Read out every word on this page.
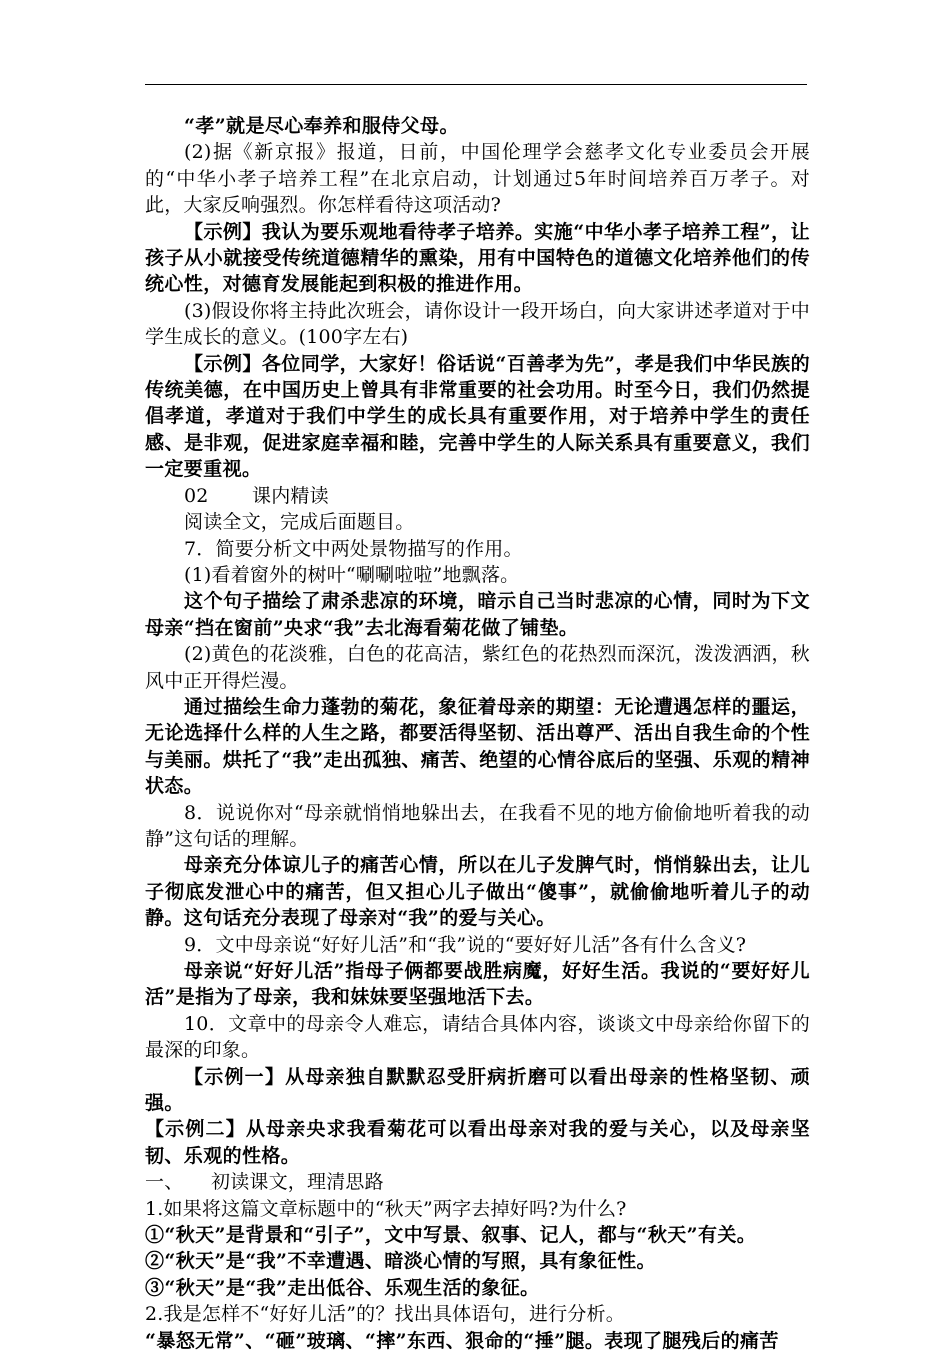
“孝”就是尽心奉养和服侍父母。

(2)据《新京报》报道，日前，中国伦理学会慈孝文化专业委员会开展的“中华小孝子培养工程”在北京启动，计划通过5年时间培养百万孝子。对此，大家反响强烈。你怎样看待这项活动?

【示例】我认为要乐观地看待孝子培养。实施“中华小孝子培养工程”，让孩子从小就接受传统道德精华的熏染，用有中国特色的道德文化培养他们的传统心性，对德育发展能起到积极的推进作用。

(3)假设你将主持此次班会，请你设计一段开场白，向大家讲述孝道对于中学生成长的意义。(100字左右)

【示例】各位同学，大家好！俗话说“百善孝为先”，孝是我们中华民族的传统美德，在中国历史上曾具有非常重要的社会功用。时至今日，我们仍然提倡孝道，孝道对于我们中学生的成长具有重要作用，对于培养中学生的责任感、是非观，促进家庭幸福和睦，完善中学生的人际关系具有重要意义，我们一定要重视。

02	课内精读

阅读全文，完成后面题目。

7．简要分析文中两处景物描写的作用。

(1)看着窗外的树叶“唰唰啦啦”地飘落。

这个句子描绘了肃杀悲凉的环境，暗示自己当时悲凉的心情，同时为下文母亲“挡在窗前”央求“我”去北海看菊花做了铺垫。

(2)黄色的花淡雅，白色的花高洁，紫红色的花热烈而深沉，泼泼洒洒，秋风中正开得烂漫。

通过描绘生命力蓬勃的菊花，象征着母亲的期望：无论遭遇怎样的噩运，无论选择什么样的人生之路，都要活得坚韧、活出尊严、活出自我生命的个性与美丽。烘托了“我”走出孤独、痛苦、绝望的心情谷底后的坚强、乐观的精神状态。

8．说说你对“母亲就悄悄地躲出去，在我看不见的地方偷偷地听着我的动静”这句话的理解。

母亲充分体谅儿子的痛苦心情，所以在儿子发脾气时，悄悄躲出去，让儿子彻底发泄心中的痛苦，但又担心儿子做出“傻事”，就偷偷地听着儿子的动静。这句话充分表现了母亲对“我”的爱与关心。

9．文中母亲说“好好儿活”和“我”说的“要好好儿活”各有什么含义?

母亲说“好好儿活”指母子俩都要战胜病魔，好好生活。我说的“要好好儿活”是指为了母亲，我和妹妹要坚强地活下去。

10．文章中的母亲令人难忘，请结合具体内容，谈谈文中母亲给你留下的最深的印象。

【示例一】从母亲独自默默忍受肝病折磨可以看出母亲的性格坚韧、顽强。

【示例二】从母亲央求我看菊花可以看出母亲对我的爱与关心，以及母亲坚韧、乐观的性格。

一、	初读课文，理清思路

1.如果将这篇文章标题中的“秋天”两字去掉好吗?为什么?

①“秋天”是背景和“引子”，文中写景、叙事、记人，都与“秋天”有关。

②“秋天”是“我”不幸遭遇、暗淡心情的写照，具有象征性。

③“秋天”是“我”走出低谷、乐观生活的象征。

2.我是怎样不“好好儿活”的？找出具体语句，进行分析。

“暴怒无常”、“砸”玻璃、“摔”东西、狠命的“捶”腿。表现了腿残后的痛苦
